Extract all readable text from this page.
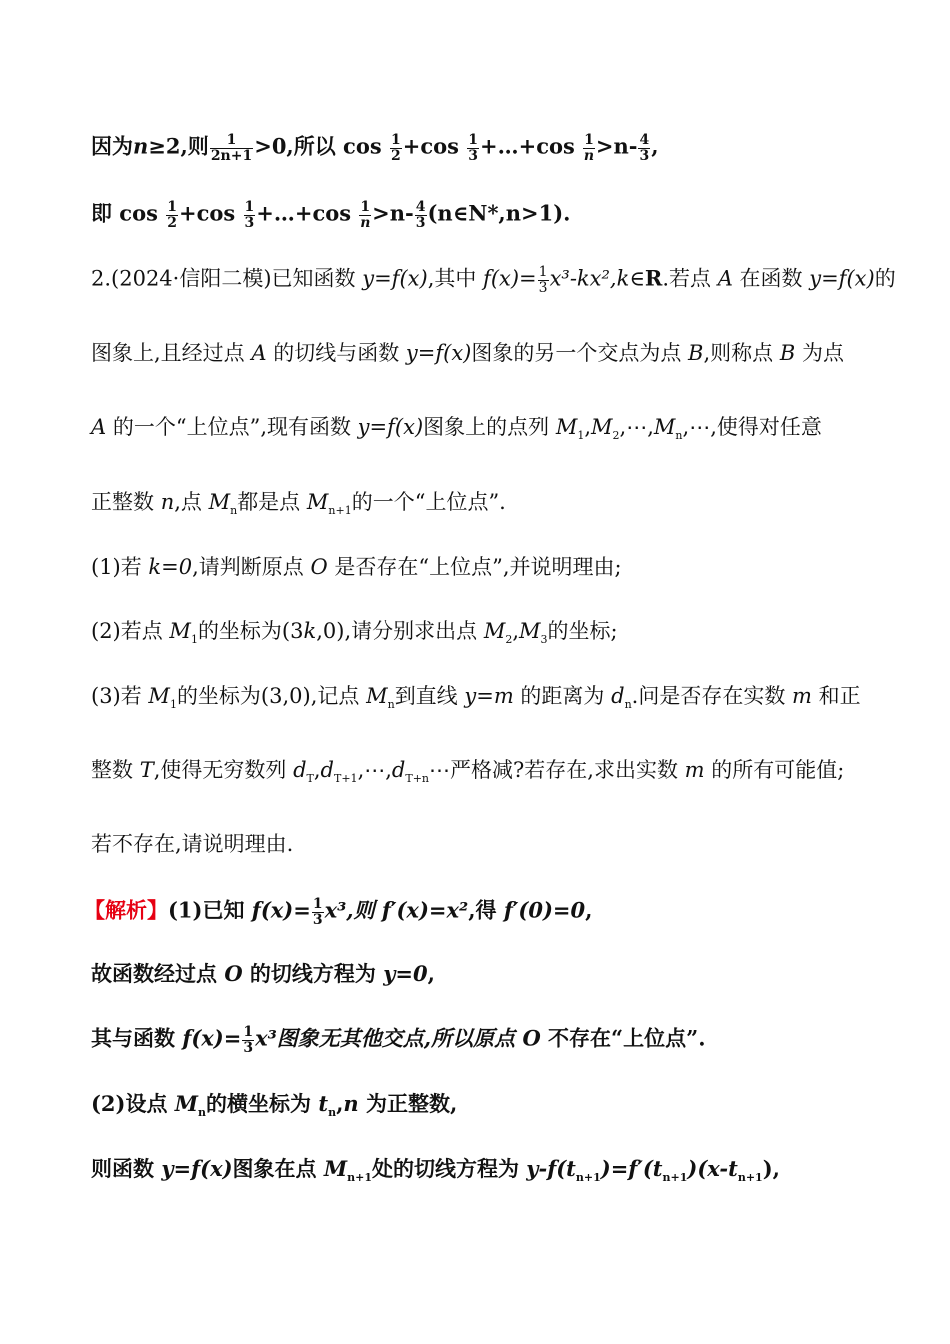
因为n≥2,则 $\frac{1}{2n+1} >0$,所以 $\cos \frac{1}{2} +\cos \frac{1}{3}$ +…+cos $\frac{1}{n}>n- \frac{4}{3}$ ,
即 $\cos \frac{1}{2} +\cos \frac{1}{3}$ +…+cos $\frac{1}{n}>n- \frac{4}{3}$ (n∈N*,n>1).
2.(2024·信阳二模)已知函数 y=f(x),其中 $f(x)= \frac{1}{3}$ x³-kx²,k∈R.若点 A 在函数 y=f(x)的
图象上,且经过点 A 的切线与函数 y=f(x)图象的另一个交点为点 B,则称点 B 为点
A 的一个“上位点”,现有函数 y=f(x)图象上的点列 $M_1,M_2,\cdots,M_n,\cdots$,使得对任意
正整数 n,点 $M_n$都是点 $M_{n+1}$的一个“上位点”.
(1)若 k=0,请判断原点 O 是否存在“上位点”,并说明理由;
(2)若点 $M_1$的坐标为(3k,0),请分别求出点 $M_2,M_3$的坐标;
(3)若 $M_1$的坐标为(3,0),记点 $M_n$到直线 y=m 的距离为 $d_n$.问是否存在实数 m 和正
整数 T,使得无穷数列 $d_T,d_{T+1},\cdots,d_{T+n}\cdots$严格减?若存在,求出实数 m 的所有可能值;
若不存在,请说明理由.
【解析】(1)已知 $f(x)= \frac{1}{3} x^3$,则 f′(x)=x²,得 f′(0)=0,
故函数经过点 O 的切线方程为 y=0,
其与函数 $f(x)= \frac{1}{3} x^3$图象无其他交点,所以原点 O 不存在“上位点”.
(2)设点 $M_n$的横坐标为 $t_n,n$ 为正整数,
则函数 y=f(x)图象在点 $M_{n+1}$处的切线方程为 $y-f(t_{n+1})=f'(t_{n+1})(x-t_{n+1})$,
